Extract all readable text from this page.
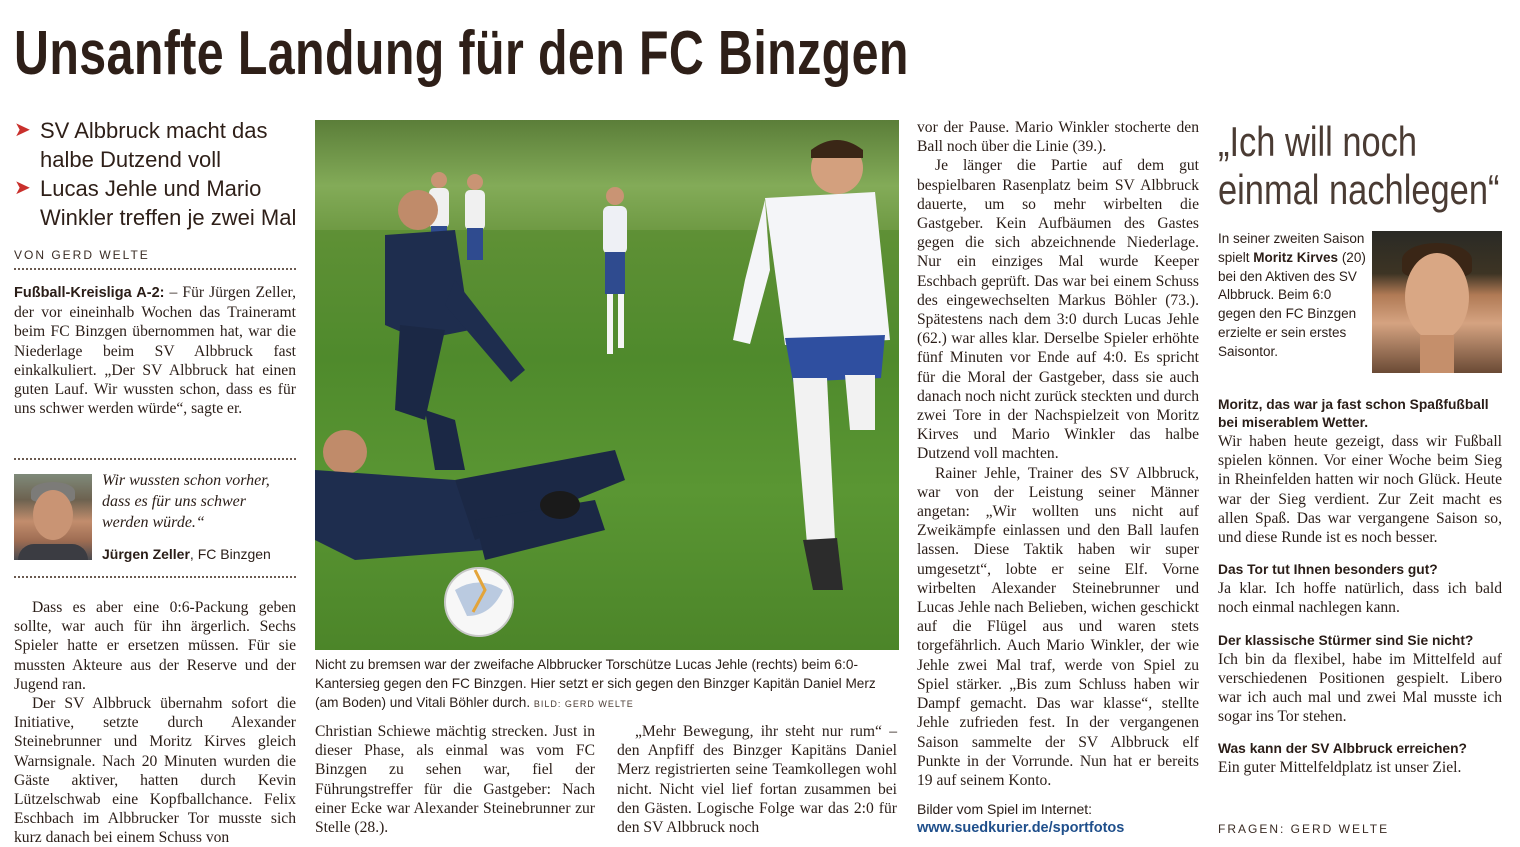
Unsanfte Landung für den FC Binzgen
➤ SV Albbruck macht das halbe Dutzend voll
➤ Lucas Jehle und Mario Winkler treffen je zwei Mal
VON GERD WELTE

Fußball-Kreisliga A-2: – Für Jürgen Zeller, der vor eineinhalb Wochen das Traineramt beim FC Binzgen übernommen hat, war die Niederlage beim SV Albbruck fast einkalkuliert. „Der SV Albbruck hat einen guten Lauf. Wir wussten schon, dass es für uns schwer werden würde“, sagte er.

Wir wussten schon vorher, dass es für uns schwer werden würde.“
Jürgen Zeller, FC Binzgen

Dass es aber eine 0:6-Packung geben sollte, war auch für ihn ärgerlich. Sechs Spieler hatte er ersetzen müssen. Für sie mussten Akteure aus der Reserve und der Jugend ran.

Der SV Albbruck übernahm sofort die Initiative, setzte durch Alexander Steinebrunner und Moritz Kirves gleich Warnsignale. Nach 20 Minuten wurden die Gäste aktiver, hatten durch Kevin Lützelschwab eine Kopfballchance. Felix Eschbach im Albbrucker Tor musste sich kurz danach bei einem Schuss von

Nicht zu bremsen war der zweifache Albbrucker Torschütze Lucas Jehle (rechts) beim 6:0-Kantersieg gegen den FC Binzgen. Hier setzt er sich gegen den Binzger Kapitän Daniel Merz (am Boden) und Vitali Böhler durch. BILD: GERD WELTE

Christian Schiewe mächtig strecken. Just in dieser Phase, als einmal was vom FC Binzgen zu sehen war, fiel der Führungstreffer für die Gastgeber: Nach einer Ecke war Alexander Steinebrunner zur Stelle (28.).

„Mehr Bewegung, ihr steht nur rum“ – den Anpfiff des Binzger Kapitäns Daniel Merz registrierten seine Teamkollegen wohl nicht. Nicht viel lief fortan zusammen bei den Gästen. Logische Folge war das 2:0 für den SV Albbruck noch

vor der Pause. Mario Winkler stocherte den Ball noch über die Linie (39.).

Je länger die Partie auf dem gut bespielbaren Rasenplatz beim SV Albbruck dauerte, um so mehr wirbelten die Gastgeber. Kein Aufbäumen des Gastes gegen die sich abzeichnende Niederlage. Nur ein einziges Mal wurde Keeper Eschbach geprüft. Das war bei einem Schuss des eingewechselten Markus Böhler (73.). Spätestens nach dem 3:0 durch Lucas Jehle (62.) war alles klar. Derselbe Spieler erhöhte fünf Minuten vor Ende auf 4:0. Es spricht für die Moral der Gastgeber, dass sie auch danach noch nicht zurück steckten und durch zwei Tore in der Nachspielzeit von Moritz Kirves und Mario Winkler das halbe Dutzend voll machten.

Rainer Jehle, Trainer des SV Albbruck, war von der Leistung seiner Männer angetan: „Wir wollten uns nicht auf Zweikämpfe einlassen und den Ball laufen lassen. Diese Taktik haben wir super umgesetzt“, lobte er seine Elf. Vorne wirbelten Alexander Steinebrunner und Lucas Jehle nach Belieben, wichen geschickt auf die Flügel aus und waren stets torgefährlich. Auch Mario Winkler, der wie Jehle zwei Mal traf, werde von Spiel zu Spiel stärker. „Bis zum Schluss haben wir Dampf gemacht. Das war klasse“, stellte Jehle zufrieden fest. In der vergangenen Saison sammelte der SV Albbruck elf Punkte in der Vorrunde. Nun hat er bereits 19 auf seinem Konto.

Bilder vom Spiel im Internet:
www.suedkurier.de/sportfotos
„Ich will noch
einmal nachlegen“
In seiner zweiten Saison spielt Moritz Kirves (20) bei den Aktiven des SV Albbruck. Beim 6:0 gegen den FC Binzgen erzielte er sein erstes Saisontor.
Moritz, das war ja fast schon Spaßfußball bei miserablem Wetter.
Wir haben heute gezeigt, dass wir Fußball spielen können. Vor einer Woche beim Sieg in Rheinfelden hatten wir noch Glück. Heute war der Sieg verdient. Zur Zeit macht es allen Spaß. Das war vergangene Saison so, und diese Runde ist es noch besser.
Das Tor tut Ihnen besonders gut?
Ja klar. Ich hoffe natürlich, dass ich bald noch einmal nachlegen kann.
Der klassische Stürmer sind Sie nicht?
Ich bin da flexibel, habe im Mittelfeld auf verschiedenen Positionen gespielt. Libero war ich auch mal und zwei Mal musste ich sogar ins Tor stehen.
Was kann der SV Albbruck erreichen?
Ein guter Mittelfeldplatz ist unser Ziel.
FRAGEN: GERD WELTE
